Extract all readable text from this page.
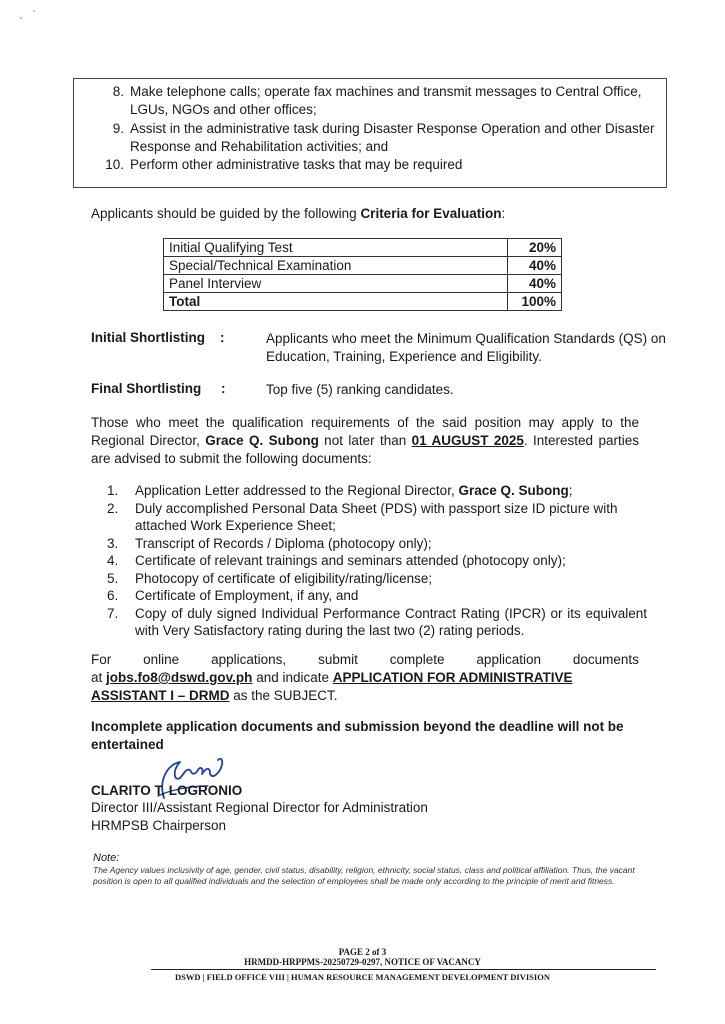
· ˙
8. Make telephone calls; operate fax machines and transmit messages to Central Office, LGUs, NGOs and other offices;
9. Assist in the administrative task during Disaster Response Operation and other Disaster Response and Rehabilitation activities; and
10. Perform other administrative tasks that may be required
Applicants should be guided by the following Criteria for Evaluation:
Initial Qualifying Test	20%
Special/Technical Examination	40%
Panel Interview	40%
Total	100%
Initial Shortlisting :	Applicants who meet the Minimum Qualification Standards (QS) on Education, Training, Experience and Eligibility.
Final Shortlisting :	Top five (5) ranking candidates.
Those who meet the qualification requirements of the said position may apply to the Regional Director, Grace Q. Subong not later than 01 AUGUST 2025. Interested parties are advised to submit the following documents:
1.	Application Letter addressed to the Regional Director, Grace Q. Subong;
2.	Duly accomplished Personal Data Sheet (PDS) with passport size ID picture with attached Work Experience Sheet;
3.	Transcript of Records / Diploma (photocopy only);
4.	Certificate of relevant trainings and seminars attended (photocopy only);
5.	Photocopy of certificate of eligibility/rating/license;
6.	Certificate of Employment, if any, and
7.	Copy of duly signed Individual Performance Contract Rating (IPCR) or its equivalent with Very Satisfactory rating during the last two (2) rating periods.
For online applications, submit complete application documents
at jobs.fo8@dswd.gov.ph and indicate APPLICATION FOR ADMINISTRATIVE
ASSISTANT I – DRMD as the SUBJECT.
Incomplete application documents and submission beyond the deadline will not be entertained
CLARITO T. LOGRONIO
Director III/Assistant Regional Director for Administration
HRMPSB Chairperson
Note:
The Agency values inclusivity of age, gender, civil status, disability, religion, ethnicity, social status, class and political affiliation. Thus, the vacant position is open to all qualified individuals and the selection of employees shall be made only according to the principle of merit and fitness.
PAGE 2 of 3
HRMDD-HRPPMS-20250729-0297, NOTICE OF VACANCY
DSWD | FIELD OFFICE VIII | HUMAN RESOURCE MANAGEMENT DEVELOPMENT DIVISION
